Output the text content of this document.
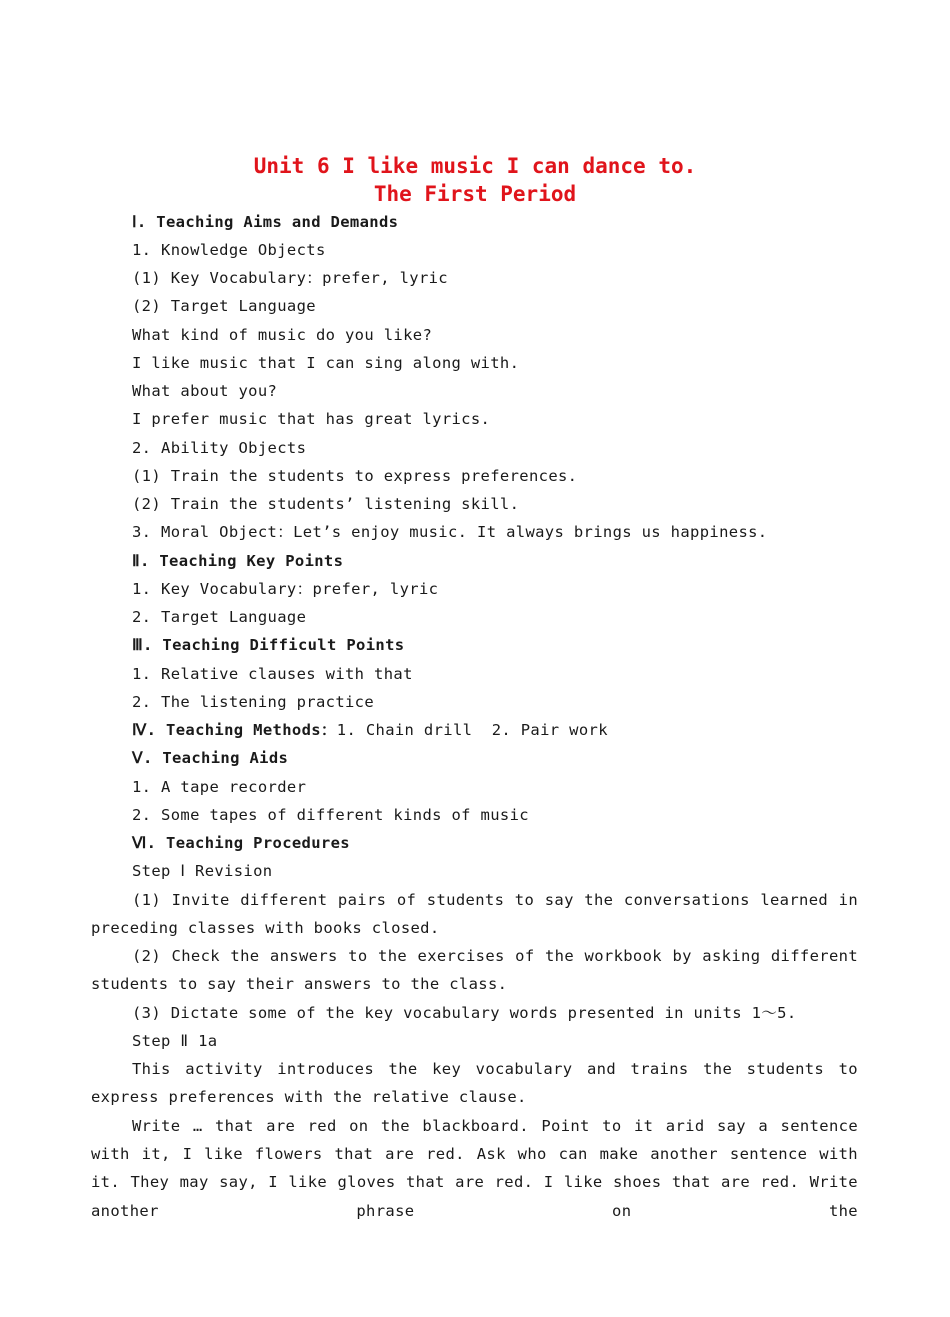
Unit 6 I like music I can dance to.
The First Period
Ⅰ. Teaching Aims and Demands
1. Knowledge Objects
(1) Key Vocabulary：prefer, lyric
(2) Target Language
What kind of music do you like?
I like music that I can sing along with.
What about you?
I prefer music that has great lyrics.
2. Ability Objects
(1) Train the students to express preferences.
(2) Train the students’ listening skill.
3. Moral Object：Let’s enjoy music. It always brings us happiness.
Ⅱ. Teaching Key Points
1. Key Vocabulary：prefer, lyric
2. Target Language
Ⅲ. Teaching Difficult Points
1. Relative clauses with that
2. The listening practice
Ⅳ. Teaching Methods：1. Chain drill  2. Pair work
Ⅴ. Teaching Aids
1. A tape recorder
2. Some tapes of different kinds of music
Ⅵ. Teaching Procedures
Step Ⅰ Revision
(1) Invite different pairs of students to say the conversations learned in preceding classes with books closed.
(2) Check the answers to the exercises of the workbook by asking different students to say their answers to the class.
(3) Dictate some of the key vocabulary words presented in units 1～5.
Step Ⅱ 1a
This activity introduces the key vocabulary and trains the students to express preferences with the relative clause.
Write … that are red on the blackboard. Point to it arid say a sentence with it, I like flowers that are red. Ask who can make another sentence with it. They may say, I like gloves that are red. I like shoes that are red. Write another phrase on the
